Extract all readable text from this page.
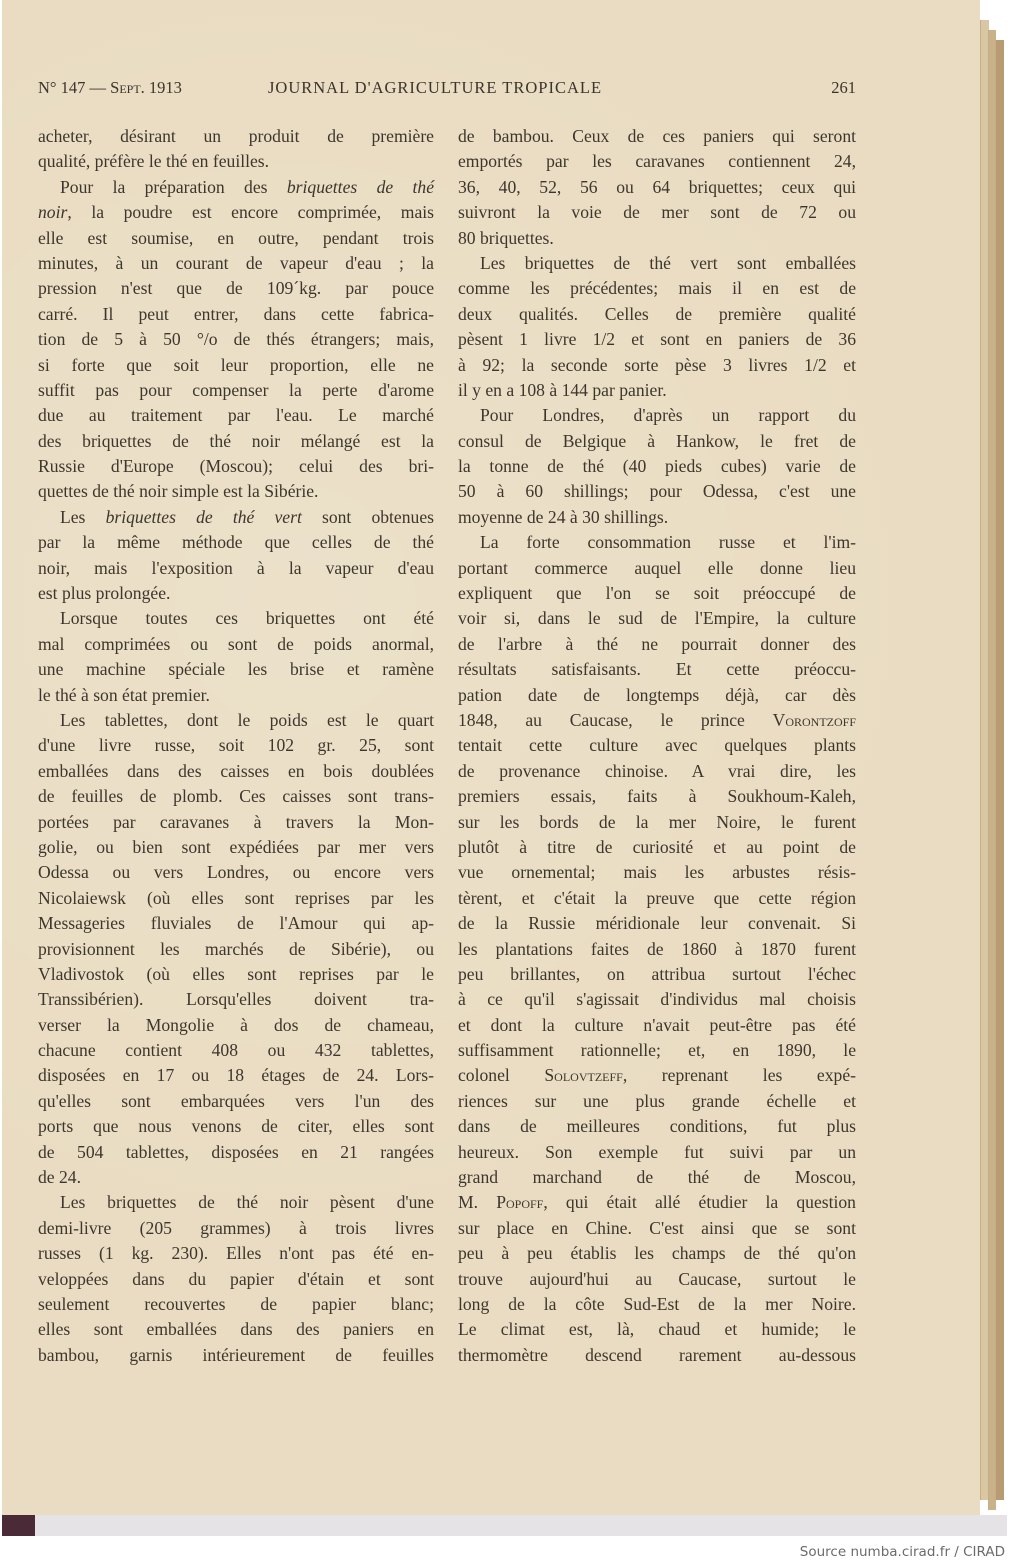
N° 147 — Sept. 1913	JOURNAL D'AGRICULTURE TROPICALE	261
acheter, désirant un produit de première
qualité, préfère le thé en feuilles.
Pour la préparation des briquettes de thé
noir, la poudre est encore comprimée, mais
elle est soumise, en outre, pendant trois
minutes, à un courant de vapeur d'eau ; la
pression n'est que de 109´kg. par pouce
carré. Il peut entrer, dans cette fabrica-
tion de 5 à 50 °/o de thés étrangers; mais,
si forte que soit leur proportion, elle ne
suffit pas pour compenser la perte d'arome
due au traitement par l'eau. Le marché
des briquettes de thé noir mélangé est la
Russie d'Europe (Moscou); celui des bri-
quettes de thé noir simple est la Sibérie.
Les briquettes de thé vert sont obtenues
par la même méthode que celles de thé
noir, mais l'exposition à la vapeur d'eau
est plus prolongée.
Lorsque toutes ces briquettes ont été
mal comprimées ou sont de poids anormal,
une machine spéciale les brise et ramène
le thé à son état premier.
Les tablettes, dont le poids est le quart
d'une livre russe, soit 102 gr. 25, sont
emballées dans des caisses en bois doublées
de feuilles de plomb. Ces caisses sont trans-
portées par caravanes à travers la Mon-
golie, ou bien sont expédiées par mer vers
Odessa ou vers Londres, ou encore vers
Nicolaiewsk (où elles sont reprises par les
Messageries fluviales de l'Amour qui ap-
provisionnent les marchés de Sibérie), ou
Vladivostok (où elles sont reprises par le
Transsibérien). Lorsqu'elles doivent tra-
verser la Mongolie à dos de chameau,
chacune contient 408 ou 432 tablettes,
disposées en 17 ou 18 étages de 24. Lors-
qu'elles sont embarquées vers l'un des
ports que nous venons de citer, elles sont
de 504 tablettes, disposées en 21 rangées
de 24.
Les briquettes de thé noir pèsent d'une
demi-livre (205 grammes) à trois livres
russes (1 kg. 230). Elles n'ont pas été en-
veloppées dans du papier d'étain et sont
seulement recouvertes de papier blanc;
elles sont emballées dans des paniers en
bambou, garnis intérieurement de feuilles
de bambou. Ceux de ces paniers qui seront
emportés par les caravanes contiennent 24,
36, 40, 52, 56 ou 64 briquettes; ceux qui
suivront la voie de mer sont de 72 ou
80 briquettes.
Les briquettes de thé vert sont emballées
comme les précédentes; mais il en est de
deux qualités. Celles de première qualité
pèsent 1 livre 1/2 et sont en paniers de 36
à 92; la seconde sorte pèse 3 livres 1/2 et
il y en a 108 à 144 par panier.
Pour Londres, d'après un rapport du
consul de Belgique à Hankow, le fret de
la tonne de thé (40 pieds cubes) varie de
50 à 60 shillings; pour Odessa, c'est une
moyenne de 24 à 30 shillings.
La forte consommation russe et l'im-
portant commerce auquel elle donne lieu
expliquent que l'on se soit préoccupé de
voir si, dans le sud de l'Empire, la culture
de l'arbre à thé ne pourrait donner des
résultats satisfaisants. Et cette préoccu-
pation date de longtemps déjà, car dès
1848, au Caucase, le prince Vorontzoff
tentait cette culture avec quelques plants
de provenance chinoise. A vrai dire, les
premiers essais, faits à Soukhoum-Kaleh,
sur les bords de la mer Noire, le furent
plutôt à titre de curiosité et au point de
vue ornemental; mais les arbustes résis-
tèrent, et c'était la preuve que cette région
de la Russie méridionale leur convenait. Si
les plantations faites de 1860 à 1870 furent
peu brillantes, on attribua surtout l'échec
à ce qu'il s'agissait d'individus mal choisis
et dont la culture n'avait peut-être pas été
suffisamment rationnelle; et, en 1890, le
colonel Solovtzeff, reprenant les expé-
riences sur une plus grande échelle et
dans de meilleures conditions, fut plus
heureux. Son exemple fut suivi par un
grand marchand de thé de Moscou,
M. Popoff, qui était allé étudier la question
sur place en Chine. C'est ainsi que se sont
peu à peu établis les champs de thé qu'on
trouve aujourd'hui au Caucase, surtout le
long de la côte Sud-Est de la mer Noire.
Le climat est, là, chaud et humide; le
thermomètre descend rarement au-dessous
Source numba.cirad.fr / CIRAD
